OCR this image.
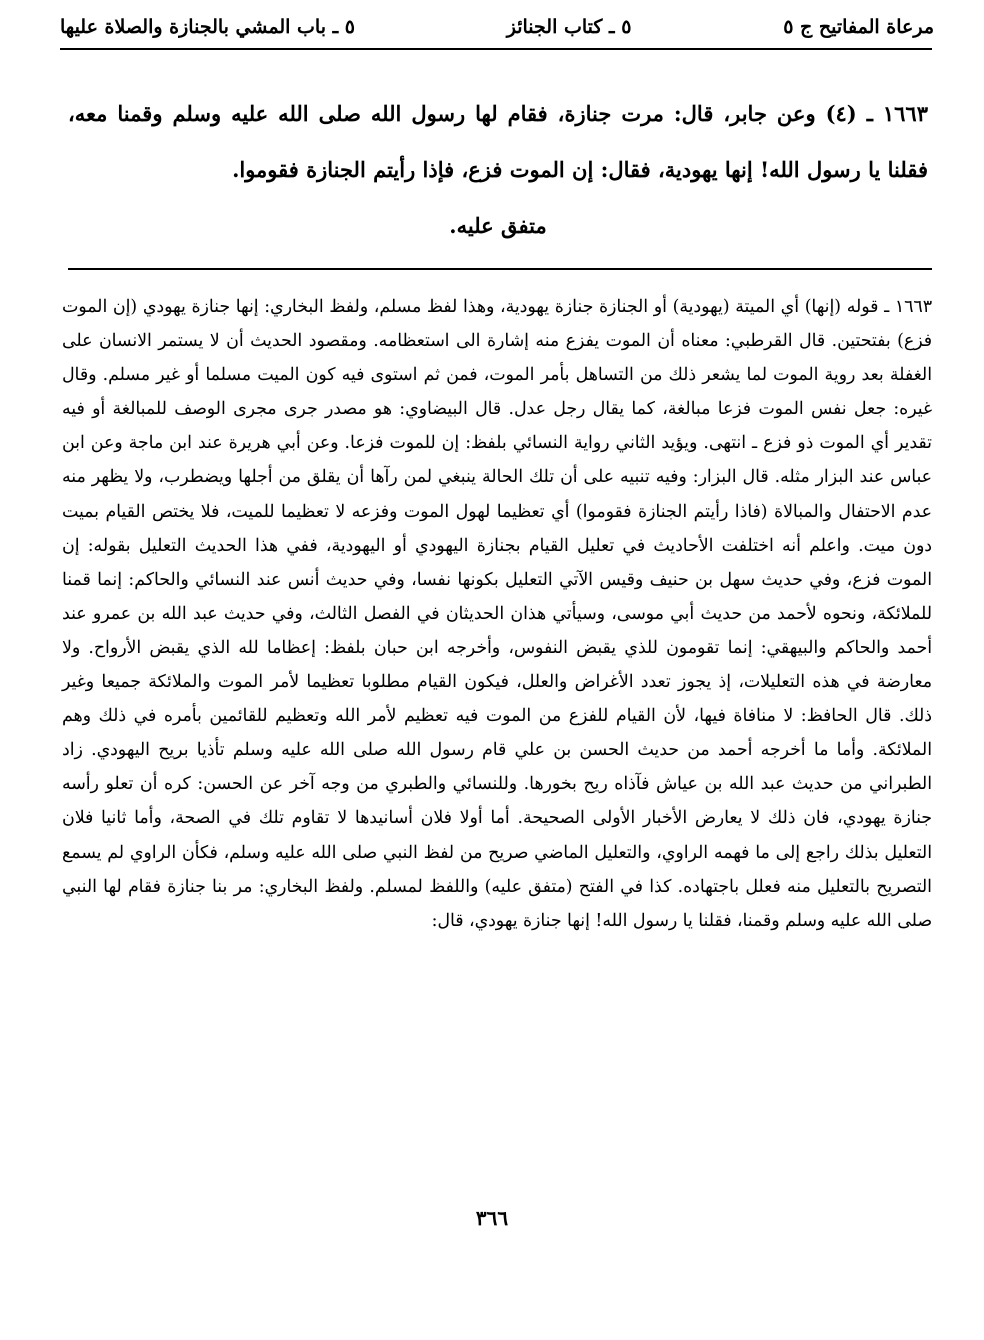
مرعاة المفاتيح ج ٥
٥ ـ كتاب الجنائز
٥ ـ باب المشي بالجنازة والصلاة عليها
١٦٦٣ ـ (٤) وعن جابر، قال: مرت جنازة، فقام لها رسول الله صلى الله عليه وسلم وقمنا معه، فقلنا يا رسول الله! إنها يهودية، فقال: إن الموت فزع، فإذا رأيتم الجنازة فقوموا.
متفق عليه.

١٦٦٣ ـ قوله (إنها) أي الميتة (يهودية) أو الجنازة جنازة يهودية، وهذا لفظ مسلم، ولفظ البخاري: إنها جنازة يهودي (إن الموت فزع) بفتحتين. قال القرطبي: معناه أن الموت يفزع منه إشارة الى استعظامه. ومقصود الحديث أن لا يستمر الانسان على الغفلة بعد روية الموت لما يشعر ذلك من التساهل بأمر الموت، فمن ثم استوى فيه كون الميت مسلما أو غير مسلم. وقال غيره: جعل نفس الموت فزعا مبالغة، كما يقال رجل عدل. قال البيضاوي: هو مصدر جرى مجرى الوصف للمبالغة أو فيه تقدير أي الموت ذو فزع ـ انتهى. ويؤيد الثاني رواية النسائي بلفظ: إن للموت فزعا. وعن أبي هريرة عند ابن ماجة وعن ابن عباس عند البزار مثله. قال البزار: وفيه تنبيه على أن تلك الحالة ينبغي لمن رآها أن يقلق من أجلها ويضطرب، ولا يظهر منه عدم الاحتفال والمبالاة (فاذا رأيتم الجنازة فقوموا) أي تعظيما لهول الموت وفزعه لا تعظيما للميت، فلا يختص القيام بميت دون ميت. واعلم أنه اختلفت الأحاديث في تعليل القيام بجنازة اليهودي أو اليهودية، ففي هذا الحديث التعليل بقوله: إن الموت فزع، وفي حديث سهل بن حنيف وقيس الآتي التعليل بكونها نفسا، وفي حديث أنس عند النسائي والحاكم: إنما قمنا للملائكة، ونحوه لأحمد من حديث أبي موسى، وسيأتي هذان الحديثان في الفصل الثالث، وفي حديث عبد الله بن عمرو عند أحمد والحاكم والبيهقي: إنما تقومون للذي يقبض النفوس، وأخرجه ابن حبان بلفظ: إعظاما لله الذي يقبض الأرواح. ولا معارضة في هذه التعليلات، إذ يجوز تعدد الأغراض والعلل، فيكون القيام مطلوبا تعظيما لأمر الموت والملائكة جميعا وغير ذلك. قال الحافظ: لا منافاة فيها، لأن القيام للفزع من الموت فيه تعظيم لأمر الله وتعظيم للقائمين بأمره في ذلك وهم الملائكة. وأما ما أخرجه أحمد من حديث الحسن بن علي قام رسول الله صلى الله عليه وسلم تأذيا بريح اليهودي. زاد الطبراني من حديث عبد الله بن عياش فآذاه ريح بخورها. وللنسائي والطبري من وجه آخر عن الحسن: كره أن تعلو رأسه جنازة يهودي، فان ذلك لا يعارض الأخبار الأولى الصحيحة. أما أولا فلان أسانيدها لا تقاوم تلك في الصحة، وأما ثانيا فلان التعليل بذلك راجع إلى ما فهمه الراوي، والتعليل الماضي صريح من لفظ النبي صلى الله عليه وسلم، فكأن الراوي لم يسمع التصريح بالتعليل منه فعلل باجتهاده. كذا في الفتح (متفق عليه) واللفظ لمسلم. ولفظ البخاري: مر بنا جنازة فقام لها النبي صلى الله عليه وسلم وقمنا، فقلنا يا رسول الله! إنها جنازة يهودي، قال:

٣٦٦
